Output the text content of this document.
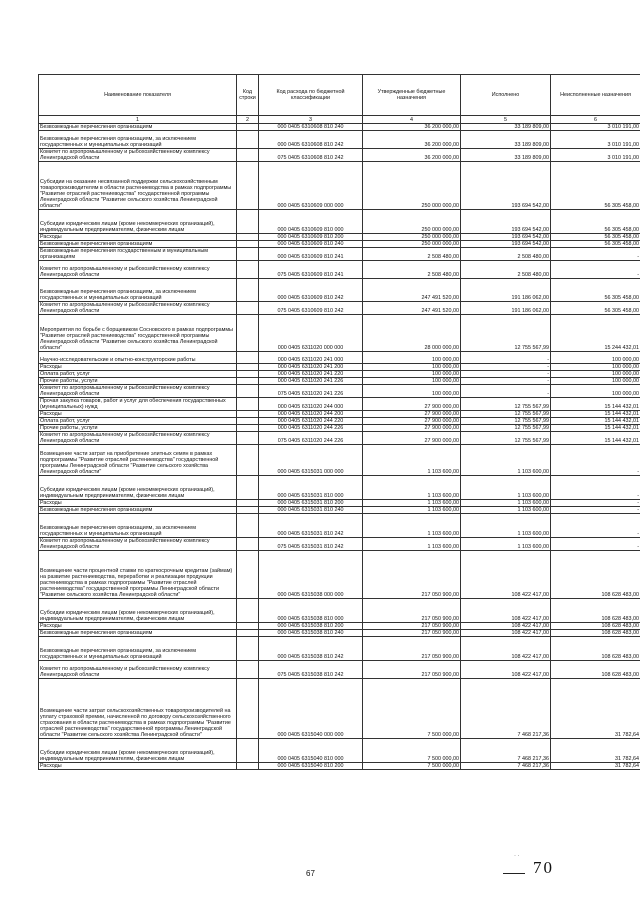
Наименование показателя	Код строки	Код расхода по бюджетной классификации	Утвержденные бюджетные назначения	Исполнено	Неисполненные назначения
1	2	3	4	5	6
Безвозмездные перечисления организациям		000 0405 6310608 810 240	36 200 000,00	33 189 809,00	3 010 191,00
Безвозмездные перечисления организациям, за исключением государственных и муниципальных организаций		000 0405 6310608 810 242	36 200 000,00	33 189 809,00	3 010 191,00
Комитет по агропромышленному и рыбохозяйственному комплексу Ленинградской области		075 0405 6310608 810 242	36 200 000,00	33 189 809,00	3 010 191,00
Субсидии на оказание несвязанной поддержки сельскохозяйственным товаропроизводителям в области растениеводства в рамках подпрограммы "Развитие отраслей растениеводства" государственной программы Ленинградской области "Развитие сельского хозяйства Ленинградской области"		000 0405 6310609 000 000	250 000 000,00	193 694 542,00	56 305 458,00
Субсидии юридическим лицам (кроме некоммерческих организаций), индивидуальным предпринимателям, физическим лицам		000 0405 6310609 810 000	250 000 000,00	193 694 542,00	56 305 458,00
Расходы		000 0405 6310609 810 200	250 000 000,00	193 694 542,00	56 305 458,00
Безвозмездные перечисления организациям		000 0405 6310609 810 240	250 000 000,00	193 694 542,00	56 305 458,00
Безвозмездные перечисления государственным и муниципальным организациям		000 0405 6310609 810 241	2 508 480,00	2 508 480,00	-
Комитет по агропромышленному и рыбохозяйственному комплексу Ленинградской области		075 0405 6310609 810 241	2 508 480,00	2 508 480,00	-
Безвозмездные перечисления организациям, за исключением государственных и муниципальных организаций		000 0405 6310609 810 242	247 491 520,00	191 186 062,00	56 305 458,00
Комитет по агропромышленному и рыбохозяйственному комплексу Ленинградской области		075 0405 6310609 810 242	247 491 520,00	191 186 062,00	56 305 458,00
Мероприятия по борьбе с борщевиком Сосновского в рамках подпрограммы "Развитие отраслей растениеводства" государственной программы Ленинградской области "Развитие сельского хозяйства Ленинградской области"		000 0405 6311020 000 000	28 000 000,00	12 755 567,99	15 244 432,01
Научно-исследовательские и опытно-конструкторские работы		000 0405 6311020 241 000	100 000,00	-	100 000,00
Расходы		000 0405 6311020 241 200	100 000,00	-	100 000,00
Оплата работ, услуг		000 0405 6311020 241 220	100 000,00	-	100 000,00
Прочие работы, услуги		000 0405 6311020 241 226	100 000,00	-	100 000,00
Комитет по агропромышленному и рыбохозяйственному комплексу Ленинградской области		075 0405 6311020 241 226	100 000,00	-	100 000,00
Прочая закупка товаров, работ и услуг для обеспечения государственных (муниципальных) нужд		000 0405 6311020 244 000	27 900 000,00	12 755 567,99	15 144 432,01
Расходы		000 0405 6311020 244 200	27 900 000,00	12 755 567,99	15 144 432,01
Оплата работ, услуг		000 0405 6311020 244 220	27 900 000,00	12 755 567,99	15 144 432,01
Прочие работы, услуги		000 0405 6311020 244 226	27 900 000,00	12 755 567,99	15 144 432,01
Комитет по агропромышленному и рыбохозяйственному комплексу Ленинградской области		075 0405 6311020 244 226	27 900 000,00	12 755 567,99	15 144 432,01
Возмещение части затрат на приобретение элитных семян в рамках подпрограммы "Развитие отраслей растениеводства" государственной программы Ленинградской области "Развитие сельского хозяйства Ленинградской области"		000 0405 6315031 000 000	1 103 600,00	1 103 600,00	-
Субсидии юридическим лицам (кроме некоммерческих организаций), индивидуальным предпринимателям, физическим лицам		000 0405 6315031 810 000	1 103 600,00	1 103 600,00	-
Расходы		000 0405 6315031 810 200	1 103 600,00	1 103 600,00	-
Безвозмездные перечисления организациям		000 0405 6315031 810 240	1 103 600,00	1 103 600,00	-
Безвозмездные перечисления организациям, за исключением государственных и муниципальных организаций		000 0405 6315031 810 242	1 103 600,00	1 103 600,00	-
Комитет по агропромышленному и рыбохозяйственному комплексу Ленинградской области		075 0405 6315031 810 242	1 103 600,00	1 103 600,00	-
Возмещение части процентной ставки по краткосрочным кредитам (займам) на развитие растениеводства, переработки и реализации продукции растениеводства в рамках подпрограммы "Развитие отраслей растениеводства" государственной программы Ленинградской области "Развитие сельского хозяйства Ленинградской области"		000 0405 6315038 000 000	217 050 900,00	108 422 417,00	108 628 483,00
Субсидии юридическим лицам (кроме некоммерческих организаций), индивидуальным предпринимателям, физическим лицам		000 0405 6315038 810 000	217 050 900,00	108 422 417,00	108 628 483,00
Расходы		000 0405 6315038 810 200	217 050 900,00	108 422 417,00	108 628 483,00
Безвозмездные перечисления организациям		000 0405 6315038 810 240	217 050 900,00	108 422 417,00	108 628 483,00
Безвозмездные перечисления организациям, за исключением государственных и муниципальных организаций		000 0405 6315038 810 242	217 050 900,00	108 422 417,00	108 628 483,00
Комитет по агропромышленному и рыбохозяйственному комплексу Ленинградской области		075 0405 6315038 810 242	217 050 900,00	108 422 417,00	108 628 483,00
Возмещение части затрат сельскохозяйственных товаропроизводителей на уплату страховой премии, начисленной по договору сельскохозяйственного страхования в области растениеводства в рамках подпрограммы "Развитие отраслей растениеводства" государственной программы Ленинградской области "Развитие сельского хозяйства Ленинградской области"		000 0405 6315040 000 000	7 500 000,00	7 468 217,36	31 782,64
Субсидии юридическим лицам (кроме некоммерческих организаций), индивидуальным предпринимателям, физическим лицам		000 0405 6315040 810 000	7 500 000,00	7 468 217,36	31 782,64
Расходы		000 0405 6315040 810 200	7 500 000,00	7 468 217,36	31 782,64
· ·
67	70
